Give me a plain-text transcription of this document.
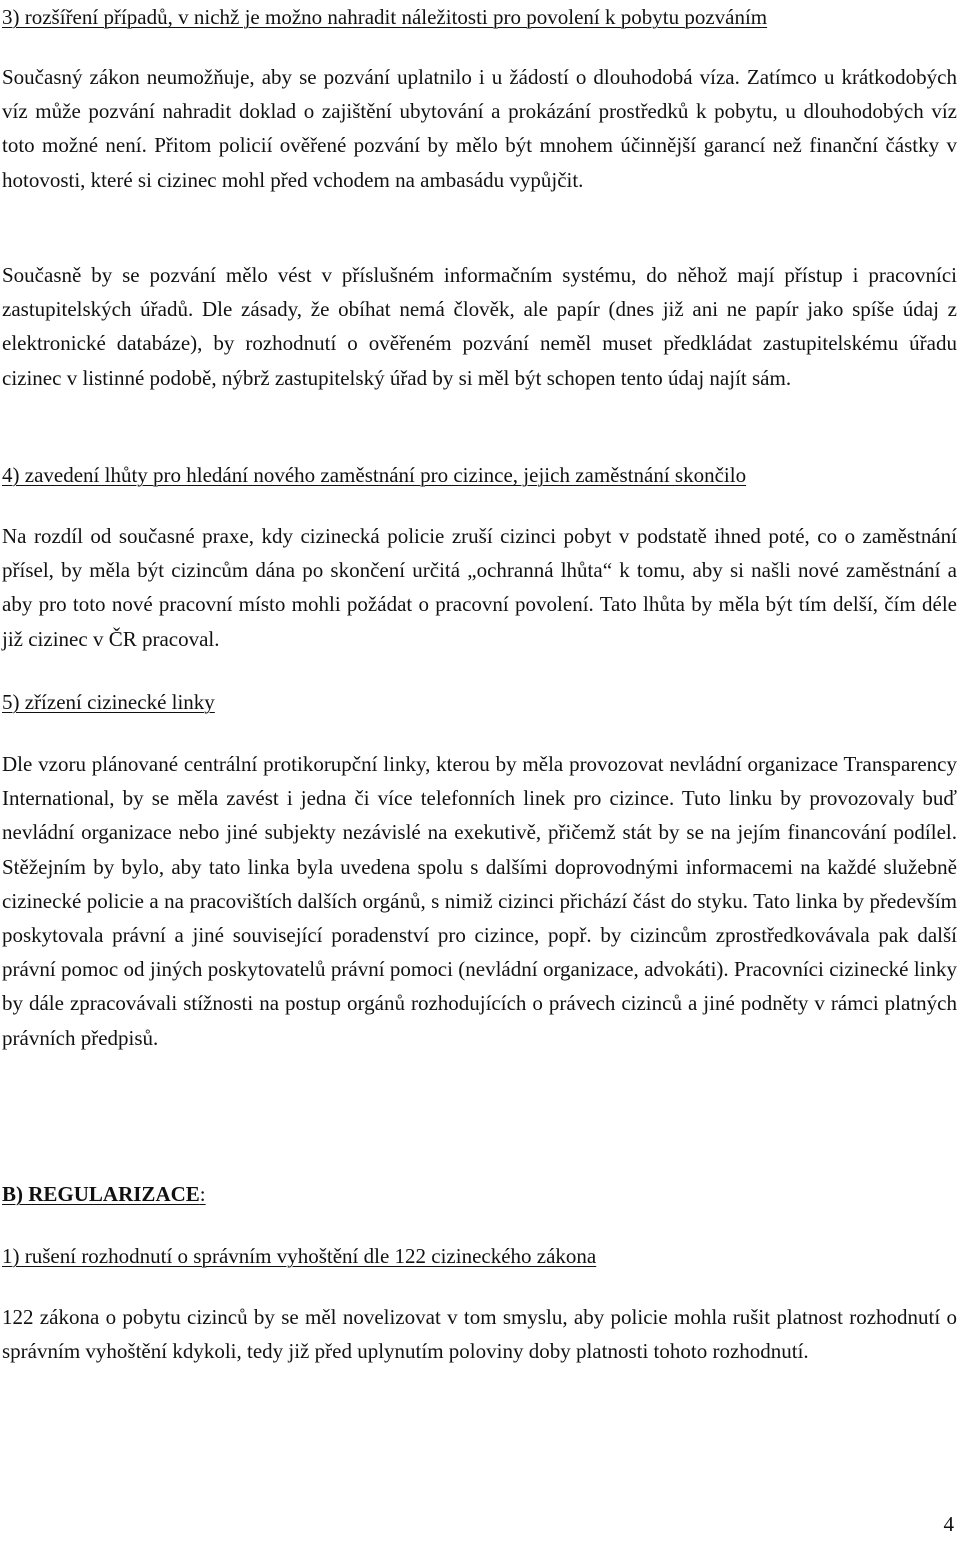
3) rozšíření případů, v nichž je možno nahradit náležitosti pro povolení k pobytu pozváním

Současný zákon neumožňuje, aby se pozvání uplatnilo i u žádostí o dlouhodobá víza. Zatímco u krátkodobých víz může pozvání nahradit doklad o zajištění ubytování a prokázání prostředků k pobytu, u dlouhodobých víz toto možné není. Přitom policií ověřené pozvání by mělo být mnohem účinnější garancí než finanční částky v hotovosti, které si cizinec mohl před vchodem na ambasádu vypůjčit.

Současně by se pozvání mělo vést v příslušném informačním systému, do něhož mají přístup i pracovníci zastupitelských úřadů. Dle zásady, že obíhat nemá člověk, ale papír (dnes již ani ne papír jako spíše údaj z elektronické databáze), by rozhodnutí o ověřeném pozvání neměl muset předkládat zastupitelskému úřadu cizinec v listinné podobě, nýbrž zastupitelský úřad by si měl být schopen tento údaj najít sám.

4) zavedení lhůty pro hledání nového zaměstnání pro cizince, jejich zaměstnání skončilo

Na rozdíl od současné praxe, kdy cizinecká policie zruší cizinci pobyt v podstatě ihned poté, co o zaměstnání přísel, by měla být cizincům dána po skončení určitá „ochranná lhůta“ k tomu, aby si našli nové zaměstnání a aby pro toto nové pracovní místo mohli požádat o pracovní povolení. Tato lhůta by měla být tím delší, čím déle již cizinec v ČR pracoval.

5) zřízení cizinecké linky

Dle vzoru plánované centrální protikorupční linky, kterou by měla provozovat nevládní organizace Transparency International, by se měla zavést i jedna či více telefonních linek pro cizince. Tuto linku by provozovaly buď nevládní organizace nebo jiné subjekty nezávislé na exekutivě, přičemž stát by se na jejím financování podílel. Stěžejním by bylo, aby tato linka byla uvedena spolu s dalšími doprovodnými informacemi na každé služebně cizinecké policie a na pracovištích dalších orgánů, s nimiž cizinci přichází část do styku. Tato linka by především poskytovala právní a jiné související poradenství pro cizince, popř. by cizincům zprostředkovávala pak další právní pomoc od jiných poskytovatelů právní pomoci (nevládní organizace, advokáti). Pracovníci cizinecké linky by dále zpracovávali stížnosti na postup orgánů rozhodujících o právech cizinců a jiné podněty v rámci platných právních předpisů.

B) REGULARIZACE:
1) rušení rozhodnutí o správním vyhoštění dle 122 cizineckého zákona

122 zákona o pobytu cizinců by se měl novelizovat v tom smyslu, aby policie mohla rušit platnost rozhodnutí o správním vyhoštění kdykoli, tedy již před uplynutím poloviny doby platnosti tohoto rozhodnutí.

4
